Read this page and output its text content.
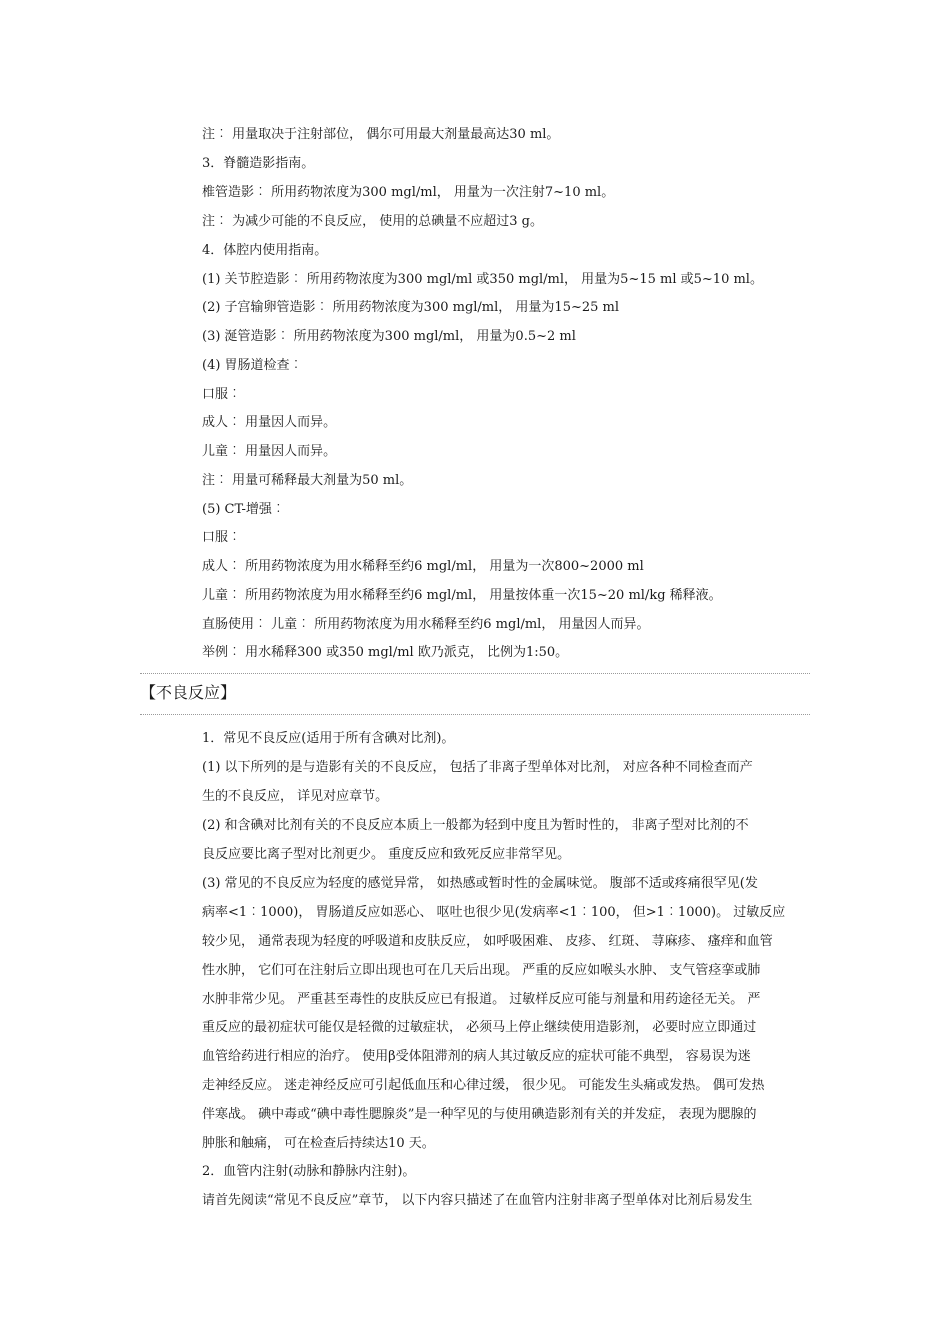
注︰ 用量取决于注射部位， 偶尔可用最大剂量最高达30 ml。
3．脊髓造影指南。
椎管造影︰ 所用药物浓度为300 mgl/ml， 用量为一次注射7~10 ml。
注︰ 为减少可能的不良反应， 使用的总碘量不应超过3 g。
4．体腔内使用指南。
(1) 关节腔造影︰ 所用药物浓度为300 mgl/ml 或350 mgl/ml， 用量为5~15 ml 或5~10 ml。
(2) 子宫输卵管造影︰ 所用药物浓度为300 mgl/ml， 用量为15~25 ml
(3) 涎管造影︰ 所用药物浓度为300 mgl/ml， 用量为0.5~2 ml
(4) 胃肠道检查︰
口服︰
成人︰ 用量因人而异。
儿童︰ 用量因人而异。
注︰ 用量可稀释最大剂量为50 ml。
(5) CT-增强︰
口服︰
成人︰ 所用药物浓度为用水稀释至约6 mgl/ml， 用量为一次800~2000 ml
儿童︰ 所用药物浓度为用水稀释至约6 mgl/ml， 用量按体重一次15~20 ml/kg 稀释液。
直肠使用︰ 儿童︰ 所用药物浓度为用水稀释至约6 mgl/ml， 用量因人而异。
举例︰ 用水稀释300 或350 mgl/ml 欧乃派克， 比例为1:50。
【不良反应】
1．常见不良反应(适用于所有含碘对比剂)。
(1) 以下所列的是与造影有关的不良反应， 包括了非离子型单体对比剂， 对应各种不同检查而产
生的不良反应， 详见对应章节。
(2) 和含碘对比剂有关的不良反应本质上一般都为轻到中度且为暂时性的， 非离子型对比剂的不
良反应要比离子型对比剂更少。 重度反应和致死反应非常罕见。
(3) 常见的不良反应为轻度的感觉异常， 如热感或暂时性的金属味觉。 腹部不适或疼痛很罕见(发
病率<1︰1000)， 胃肠道反应如恶心、 呕吐也很少见(发病率<1︰100， 但>1︰1000)。 过敏反应
较少见， 通常表现为轻度的呼吸道和皮肤反应， 如呼吸困难、 皮疹、 红斑、 荨麻疹、 瘙痒和血管
性水肿， 它们可在注射后立即出现也可在几天后出现。 严重的反应如喉头水肿、 支气管痉挛或肺
水肿非常少见。 严重甚至毒性的皮肤反应已有报道。 过敏样反应可能与剂量和用药途径无关。 严
重反应的最初症状可能仅是轻微的过敏症状， 必须马上停止继续使用造影剂， 必要时应立即通过
血管给药进行相应的治疗。 使用β受体阻滞剂的病人其过敏反应的症状可能不典型， 容易误为迷
走神经反应。 迷走神经反应可引起低血压和心律过缓， 很少见。 可能发生头痛或发热。 偶可发热
伴寒战。 碘中毒或“碘中毒性腮腺炎”是一种罕见的与使用碘造影剂有关的并发症， 表现为腮腺的
肿胀和触痛， 可在检查后持续达10 天。
2．血管内注射(动脉和静脉内注射)。
请首先阅读“常见不良反应”章节， 以下内容只描述了在血管内注射非离子型单体对比剂后易发生
